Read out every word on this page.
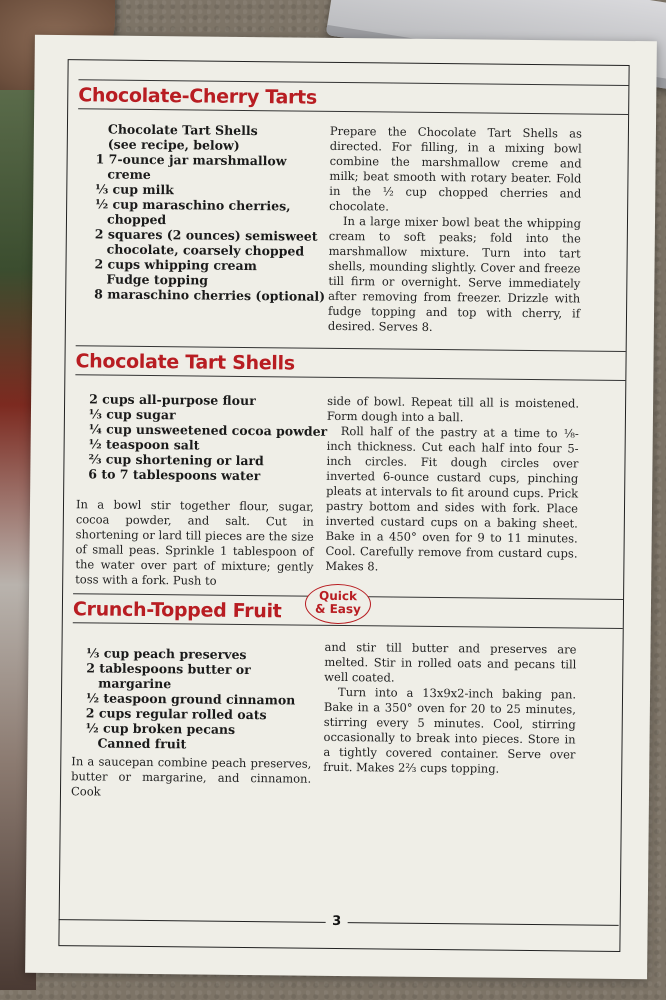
Chocolate-Cherry Tarts
Chocolate Tart Shells
(see recipe, below)
1 7-ounce jar marshmallow
creme
⅓ cup milk
½ cup maraschino cherries,
chopped
2 squares (2 ounces) semisweet
chocolate, coarsely chopped
2 cups whipping cream
Fudge topping
8 maraschino cherries (optional)

Prepare the Chocolate Tart Shells as directed. For filling, in a mixing bowl combine the marshmallow creme and milk; beat smooth with rotary beater. Fold in the ½ cup chopped cherries and chocolate.

In a large mixer bowl beat the whipping cream to soft peaks; fold into the marshmallow mixture. Turn into tart shells, mounding slightly. Cover and freeze till firm or overnight. Serve immediately after removing from freezer. Drizzle with fudge topping and top with cherry, if desired. Serves 8.

Chocolate Tart Shells
2 cups all-purpose flour
⅓ cup sugar
¼ cup unsweetened cocoa powder
½ teaspoon salt
⅔ cup shortening or lard
6 to 7 tablespoons water

In a bowl stir together flour, sugar, cocoa powder, and salt. Cut in shortening or lard till pieces are the size of small peas. Sprinkle 1 tablespoon of the water over part of mixture; gently toss with a fork. Push to

side of bowl. Repeat till all is moistened. Form dough into a ball.

Roll half of the pastry at a time to ⅛-inch thickness. Cut each half into four 5-inch circles. Fit dough circles over inverted 6-ounce custard cups, pinching pleats at intervals to fit around cups. Prick pastry bottom and sides with fork. Place inverted custard cups on a baking sheet. Bake in a 450° oven for 9 to 11 minutes. Cool. Carefully remove from custard cups. Makes 8.

Crunch-Topped Fruit
Quick
& Easy
⅓ cup peach preserves
2 tablespoons butter or
margarine
½ teaspoon ground cinnamon
2 cups regular rolled oats
½ cup broken pecans
Canned fruit

In a saucepan combine peach preserves, butter or margarine, and cinnamon. Cook

and stir till butter and preserves are melted. Stir in rolled oats and pecans till well coated.

Turn into a 13x9x2-inch baking pan. Bake in a 350° oven for 20 to 25 minutes, stirring every 5 minutes. Cool, stirring occasionally to break into pieces. Store in a tightly covered container. Serve over fruit. Makes 2⅔ cups topping.

3
